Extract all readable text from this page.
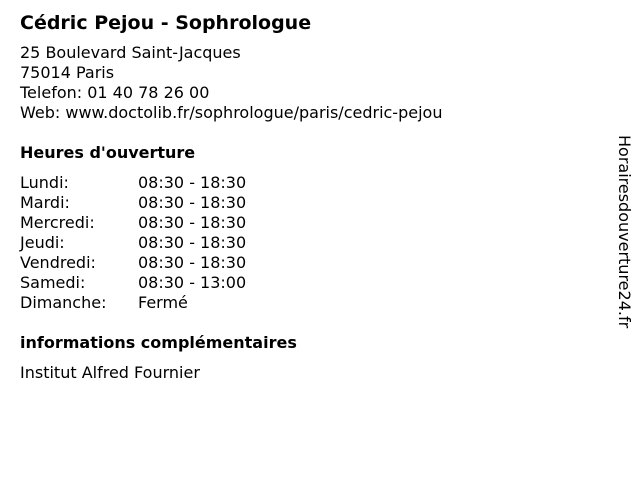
Cédric Pejou - Sophrologue
25 Boulevard Saint-Jacques
75014 Paris
Telefon: 01 40 78 26 00
Web: www.doctolib.fr/sophrologue/paris/cedric-pejou
Heures d'ouverture
Lundi:	08:30 - 18:30
Mardi:	08:30 - 18:30
Mercredi:	08:30 - 18:30
Jeudi:	08:30 - 18:30
Vendredi:	08:30 - 18:30
Samedi:	08:30 - 13:00
Dimanche:	Fermé
informations complémentaires
Institut Alfred Fournier
Horairesdouverture24.fr
